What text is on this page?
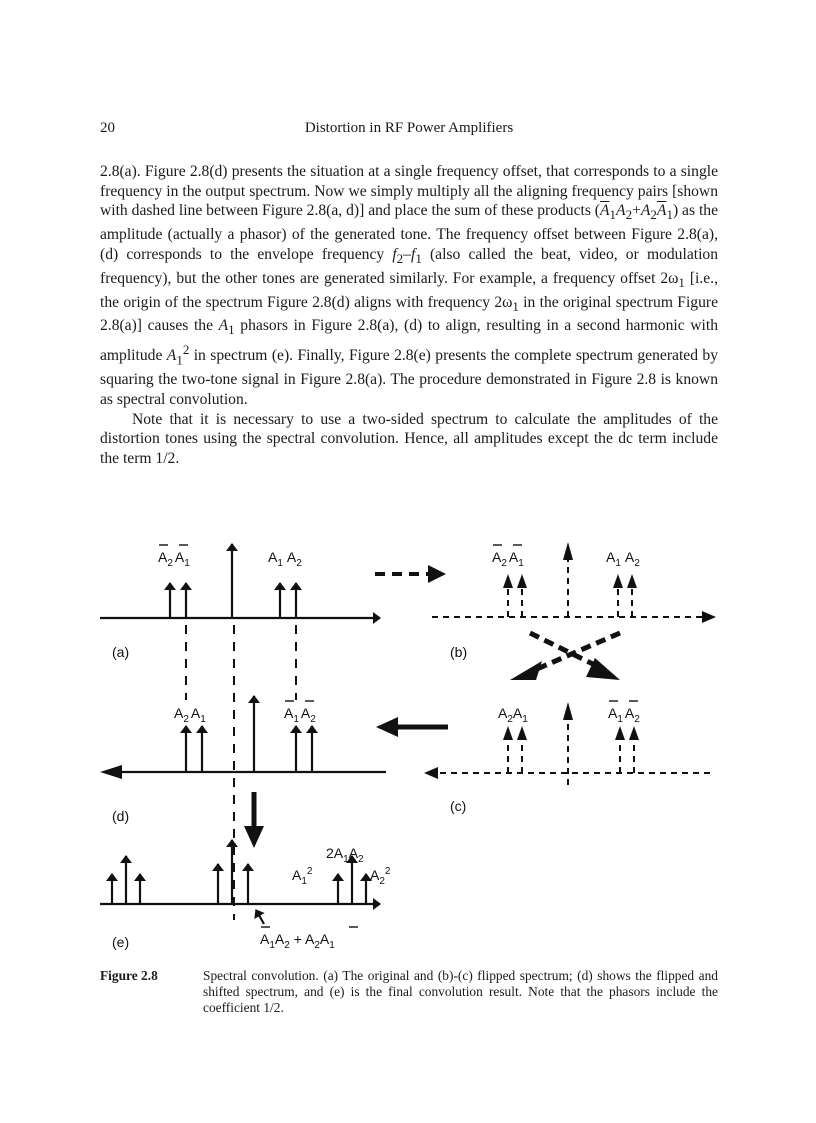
20	Distortion in RF Power Amplifiers

2.8(a). Figure 2.8(d) presents the situation at a single frequency offset, that corresponds to a single frequency in the output spectrum. Now we simply multiply all the aligning frequency pairs [shown with dashed line between Figure 2.8(a, d)] and place the sum of these products $(\overline{A}_1A_2+A_2\overline{A}_1)$ as the amplitude (actually a phasor) of the generated tone. The frequency offset between Figure 2.8(a), (d) corresponds to the envelope frequency $f_2-f_1$ (also called the beat, video, or modulation frequency), but the other tones are generated similarly. For example, a frequency offset $2\omega_1$ [i.e., the origin of the spectrum Figure 2.8(d) aligns with frequency $2\omega_1$ in the original spectrum Figure 2.8(a)] causes the $A_1$ phasors in Figure 2.8(a), (d) to align, resulting in a second harmonic with amplitude $A_1^2$ in spectrum (e). Finally, Figure 2.8(e) presents the complete spectrum generated by squaring the two-tone signal in Figure 2.8(a). The procedure demonstrated in Figure 2.8 is known as spectral convolution.

Note that it is necessary to use a two-sided spectrum to calculate the amplitudes of the distortion tones using the spectral convolution. Hence, all amplitudes except the dc term include the term 1/2.

$A_2$ $A_1$	$A_1$ $A_2$
(a)
$A_2$ $A_1$	$A_1$ $A_2$
(b)
$A_2$ $A_1$	$A_1$ $A_2$
(d)
$A_2A_1$	$A_1$ $A_2$
(c)
$2A_1A_2$
$A_1^2$	$A_2^2$
$A_1A_2 + A_2A_1$
(e)
Figure 2.8	Spectral convolution. (a) The original and (b)-(c) flipped spectrum; (d) shows the flipped and shifted spectrum, and (e) is the final convolution result. Note that the phasors include the coefficient 1/2.
